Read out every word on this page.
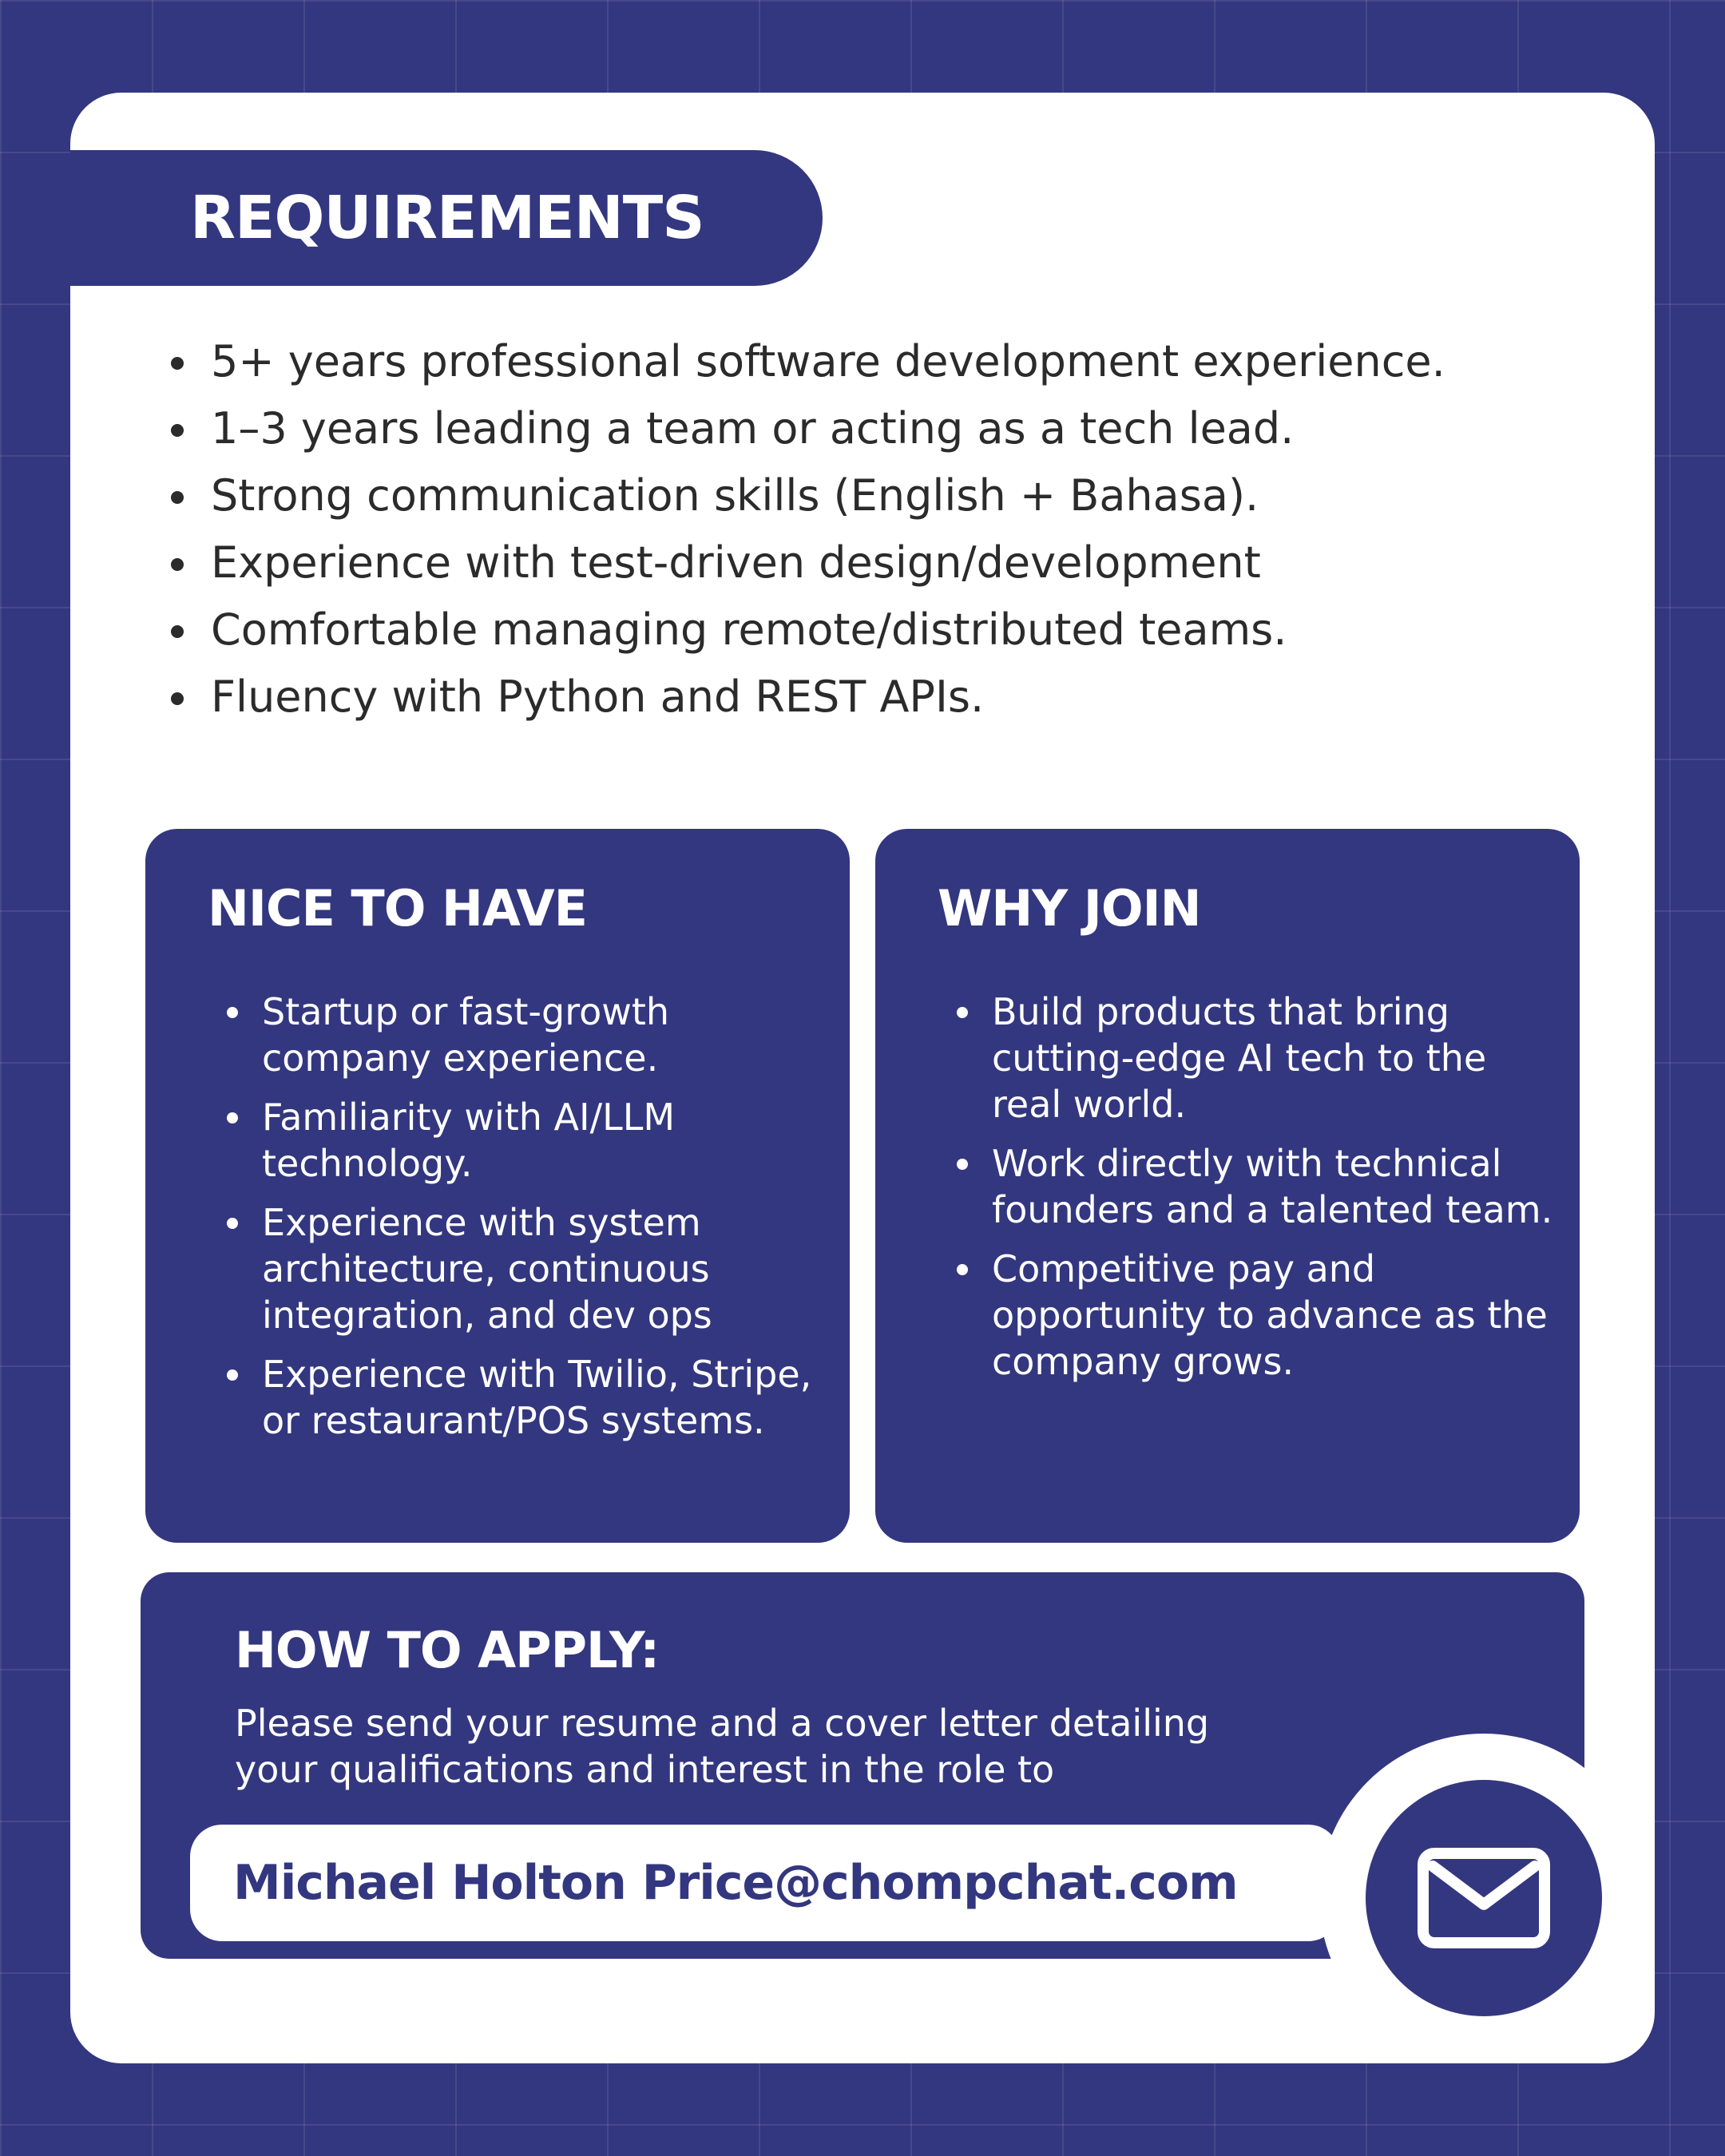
REQUIREMENTS
5+ years professional software development experience.
1–3 years leading a team or acting as a tech lead.
Strong communication skills (English + Bahasa).
Experience with test-driven design/development
Comfortable managing remote/distributed teams.
Fluency with Python and REST APIs.
NICE TO HAVE
Startup or fast-growth company experience.
Familiarity with AI/LLM technology.
Experience with system architecture, continuous integration, and dev ops
Experience with Twilio, Stripe, or restaurant/POS systems.
WHY JOIN
Build products that bring cutting-edge AI tech to the real world.
Work directly with technical founders and a talented team.
Competitive pay and opportunity to advance as the company grows.
HOW TO APPLY:

Please send your resume and a cover letter detailing your qualifications and interest in the role to

Michael Holton Price@chompchat.com
